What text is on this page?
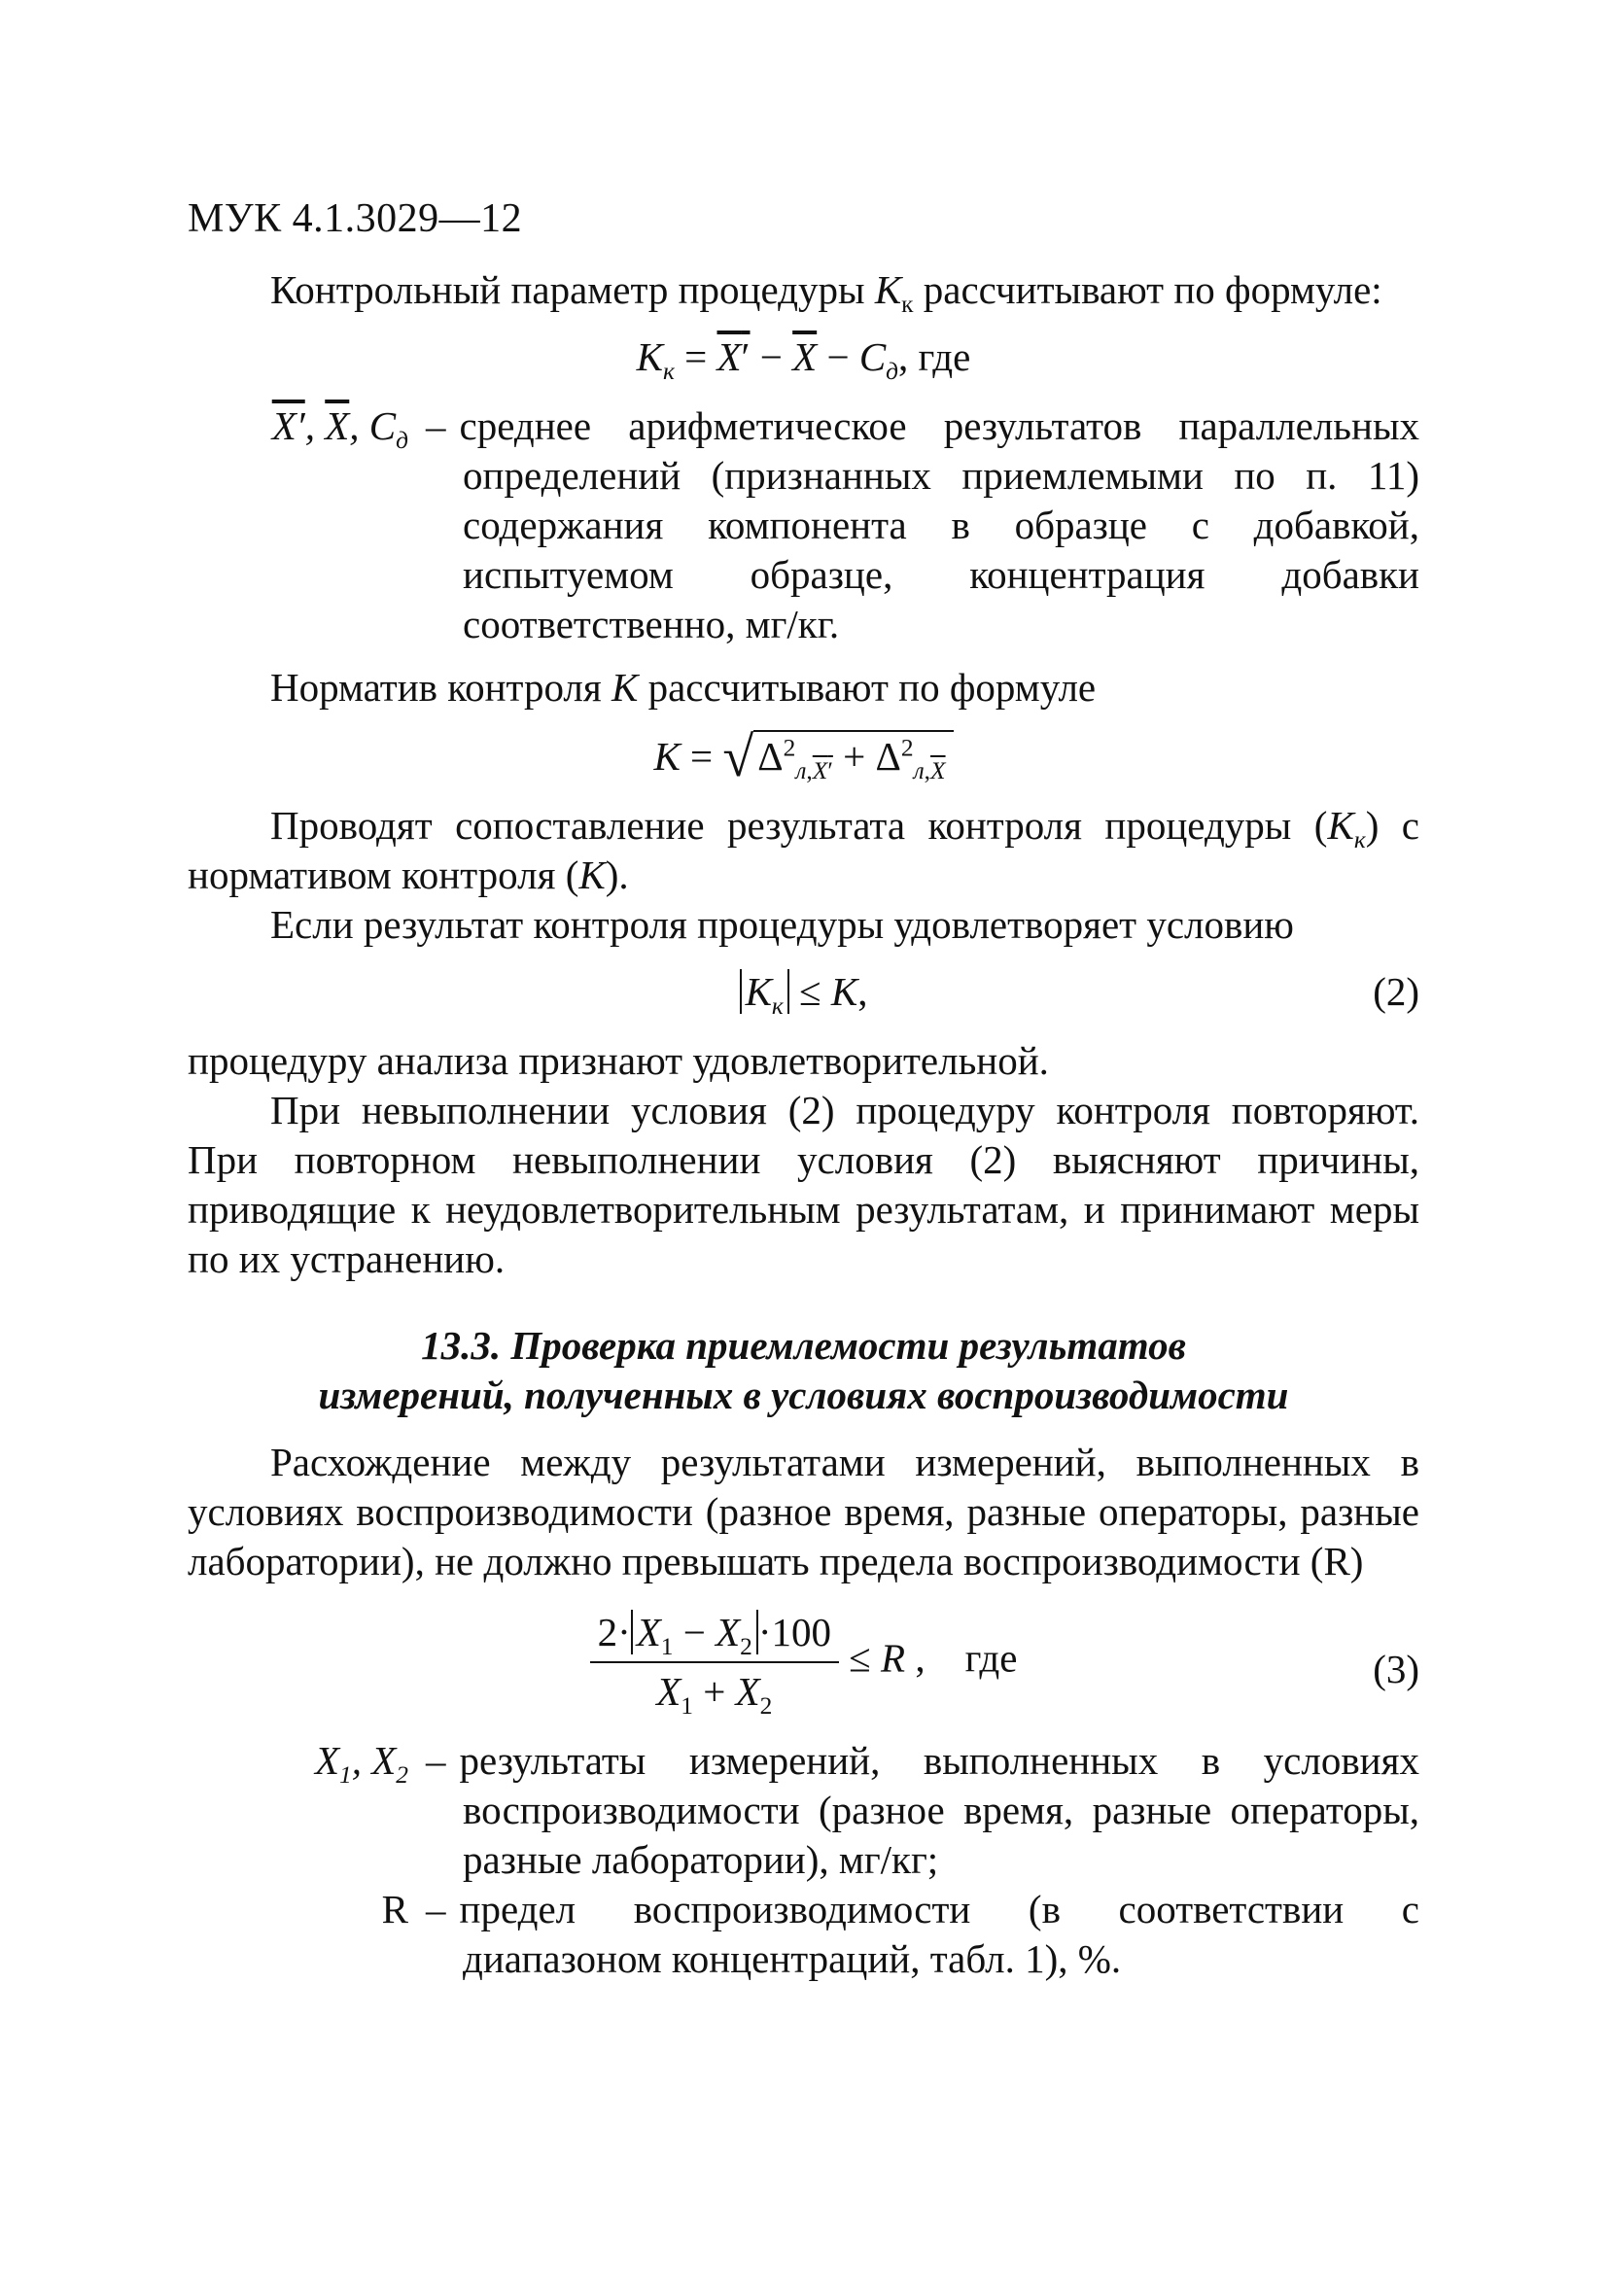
МУК 4.1.3029—12

Контрольный параметр процедуры $K_к$ рассчитывают по формуле:

$K_к = X' - \overline{X} - C_д$, где
X′, $\overline{X}$, $C_д$ – среднее арифметическое результатов параллельных определений (признанных приемлемыми по п. 11) содержания компонента в образце с добавкой, испытуемом образце, концентрация добавки соответственно, мг/кг.

Норматив контроля K рассчитывают по формуле

$K = √\Delta^2_{л,X'} + \Delta^2_{л,\overline{X}}$

Проводят сопоставление результата контроля процедуры $(K_к)$ с нормативом контроля (K).

Если результат контроля процедуры удовлетворяет условию

$K_к \le K$,	(2)

процедуру анализа признают удовлетворительной.

При невыполнении условия (2) процедуру контроля повторяют. При повторном невыполнении условия (2) выясняют причины, приводящие к неудовлетворительным результатам, и принимают меры по их устранению.

13.3. Проверка приемлемости результатов
измерений, полученных в условиях воспроизводимости

Расхождение между результатами измерений, выполненных в условиях воспроизводимости (разное время, разные операторы, разные лаборатории), не должно превышать предела воспроизводимости (R)

$\frac{2\cdot X_1 - X_2 \cdot 100}{X_1 + X_2} \le R$ ,    где	(3)
$X_1$, $X_2$ – результаты измерений, выполненных в условиях воспроизводимости (разное время, разные операторы, разные лаборатории), мг/кг;
R – предел воспроизводимости (в соответствии с диапазоном концентраций, табл. 1), %.
